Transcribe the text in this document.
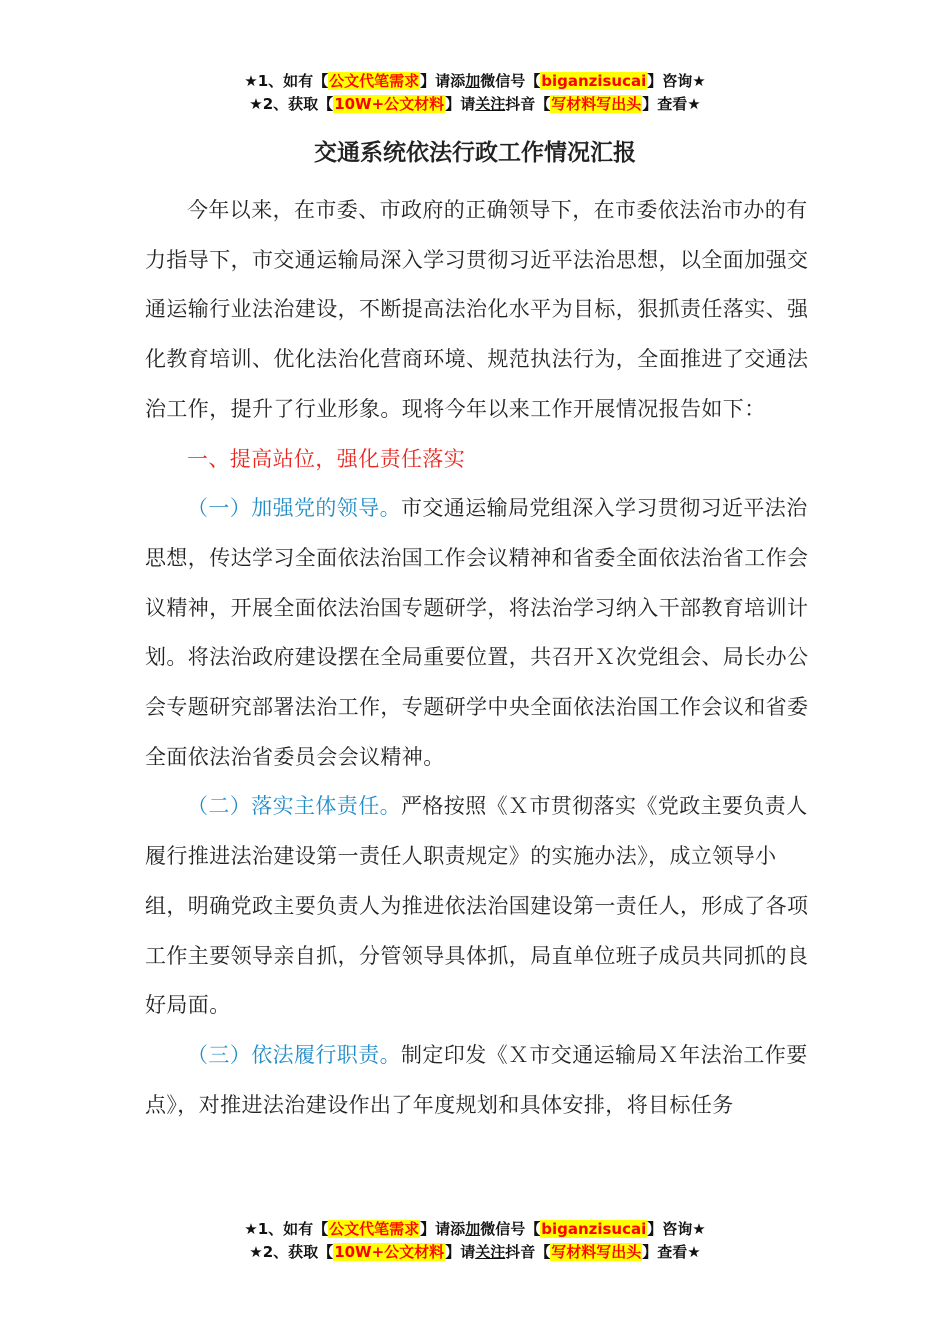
★1、如有【公文代笔需求】请添加微信号【biganzisucai】咨询★
★2、获取【10W+公文材料】请关注抖音【写材料写出头】查看★
交通系统依法行政工作情况汇报

今年以来，在市委、市政府的正确领导下，在市委依法治市办的有力指导下，市交通运输局深入学习贯彻习近平法治思想，以全面加强交通运输行业法治建设，不断提高法治化水平为目标，狠抓责任落实、强化教育培训、优化法治化营商环境、规范执法行为，全面推进了交通法治工作，提升了行业形象。现将今年以来工作开展情况报告如下：

一、提高站位，强化责任落实

（一）加强党的领导。市交通运输局党组深入学习贯彻习近平法治思想，传达学习全面依法治国工作会议精神和省委全面依法治省工作会议精神，开展全面依法治国专题研学，将法治学习纳入干部教育培训计划。将法治政府建设摆在全局重要位置，共召开Ｘ次党组会、局长办公会专题研究部署法治工作，专题研学中央全面依法治国工作会议和省委全面依法治省委员会会议精神。

（二）落实主体责任。严格按照《Ｘ市贯彻落实《党政主要负责人履行推进法治建设第一责任人职责规定》的实施办法》，成立领导小组，明确党政主要负责人为推进依法治国建设第一责任人，形成了各项工作主要领导亲自抓，分管领导具体抓，局直单位班子成员共同抓的良好局面。

（三）依法履行职责。制定印发《Ｘ市交通运输局Ｘ年法治工作要点》，对推进法治建设作出了年度规划和具体安排，将目标任务

★1、如有【公文代笔需求】请添加微信号【biganzisucai】咨询★
★2、获取【10W+公文材料】请关注抖音【写材料写出头】查看★
